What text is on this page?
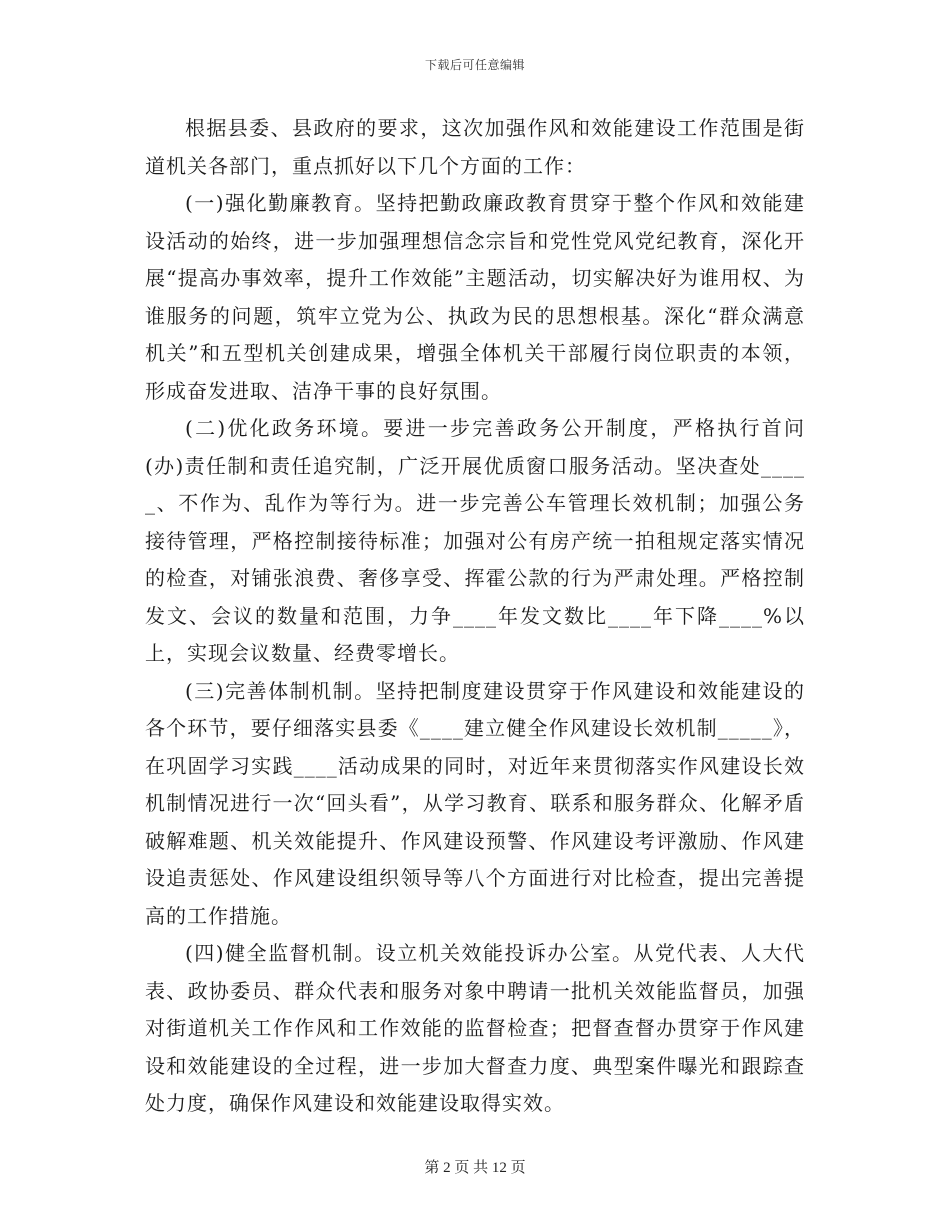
下载后可任意编辑

根据县委、县政府的要求，这次加强作风和效能建设工作范围是街道机关各部门，重点抓好以下几个方面的工作：

(一)强化勤廉教育。坚持把勤政廉政教育贯穿于整个作风和效能建设活动的始终，进一步加强理想信念宗旨和党性党风党纪教育，深化开展“提高办事效率，提升工作效能”主题活动，切实解决好为谁用权、为谁服务的问题，筑牢立党为公、执政为民的思想根基。深化“群众满意机关”和五型机关创建成果，增强全体机关干部履行岗位职责的本领，形成奋发进取、洁净干事的良好氛围。

(二)优化政务环境。要进一步完善政务公开制度，严格执行首问(办)责任制和责任追究制，广泛开展优质窗口服务活动。坚决查处_____、不作为、乱作为等行为。进一步完善公车管理长效机制；加强公务接待管理，严格控制接待标准；加强对公有房产统一拍租规定落实情况的检查，对铺张浪费、奢侈享受、挥霍公款的行为严肃处理。严格控制发文、会议的数量和范围，力争____年发文数比____年下降____%以上，实现会议数量、经费零增长。

(三)完善体制机制。坚持把制度建设贯穿于作风建设和效能建设的各个环节，要仔细落实县委《____建立健全作风建设长效机制_____》，在巩固学习实践____活动成果的同时，对近年来贯彻落实作风建设长效机制情况进行一次“回头看”，从学习教育、联系和服务群众、化解矛盾破解难题、机关效能提升、作风建设预警、作风建设考评激励、作风建设追责惩处、作风建设组织领导等八个方面进行对比检查，提出完善提高的工作措施。

(四)健全监督机制。设立机关效能投诉办公室。从党代表、人大代表、政协委员、群众代表和服务对象中聘请一批机关效能监督员，加强对街道机关工作作风和工作效能的监督检查；把督查督办贯穿于作风建设和效能建设的全过程，进一步加大督查力度、典型案件曝光和跟踪查处力度，确保作风建设和效能建设取得实效。

第 2 页 共 12 页
